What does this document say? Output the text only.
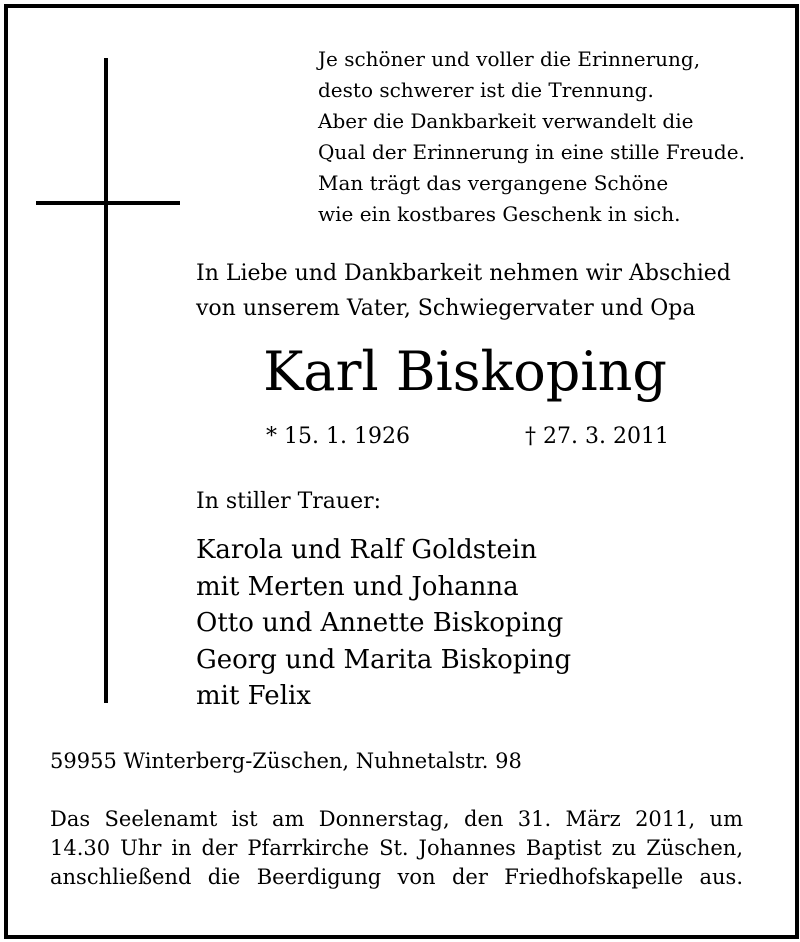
Je schöner und voller die Erinnerung,
desto schwerer ist die Trennung.
Aber die Dankbarkeit verwandelt die
Qual der Erinnerung in eine stille Freude.
Man trägt das vergangene Schöne
wie ein kostbares Geschenk in sich.
In Liebe und Dankbarkeit nehmen wir Abschied
von unserem Vater, Schwiegervater und Opa
Karl Biskoping
* 15. 1. 1926	† 27. 3. 2011
In stiller Trauer:
Karola und Ralf Goldstein
mit Merten und Johanna
Otto und Annette Biskoping
Georg und Marita Biskoping
mit Felix
59955 Winterberg-Züschen, Nuhnetalstr. 98
Das Seelenamt ist am Donnerstag, den 31. März 2011, um
14.30 Uhr in der Pfarrkirche St. Johannes Baptist zu Züschen,
anschließend die Beerdigung von der Friedhofskapelle aus.
